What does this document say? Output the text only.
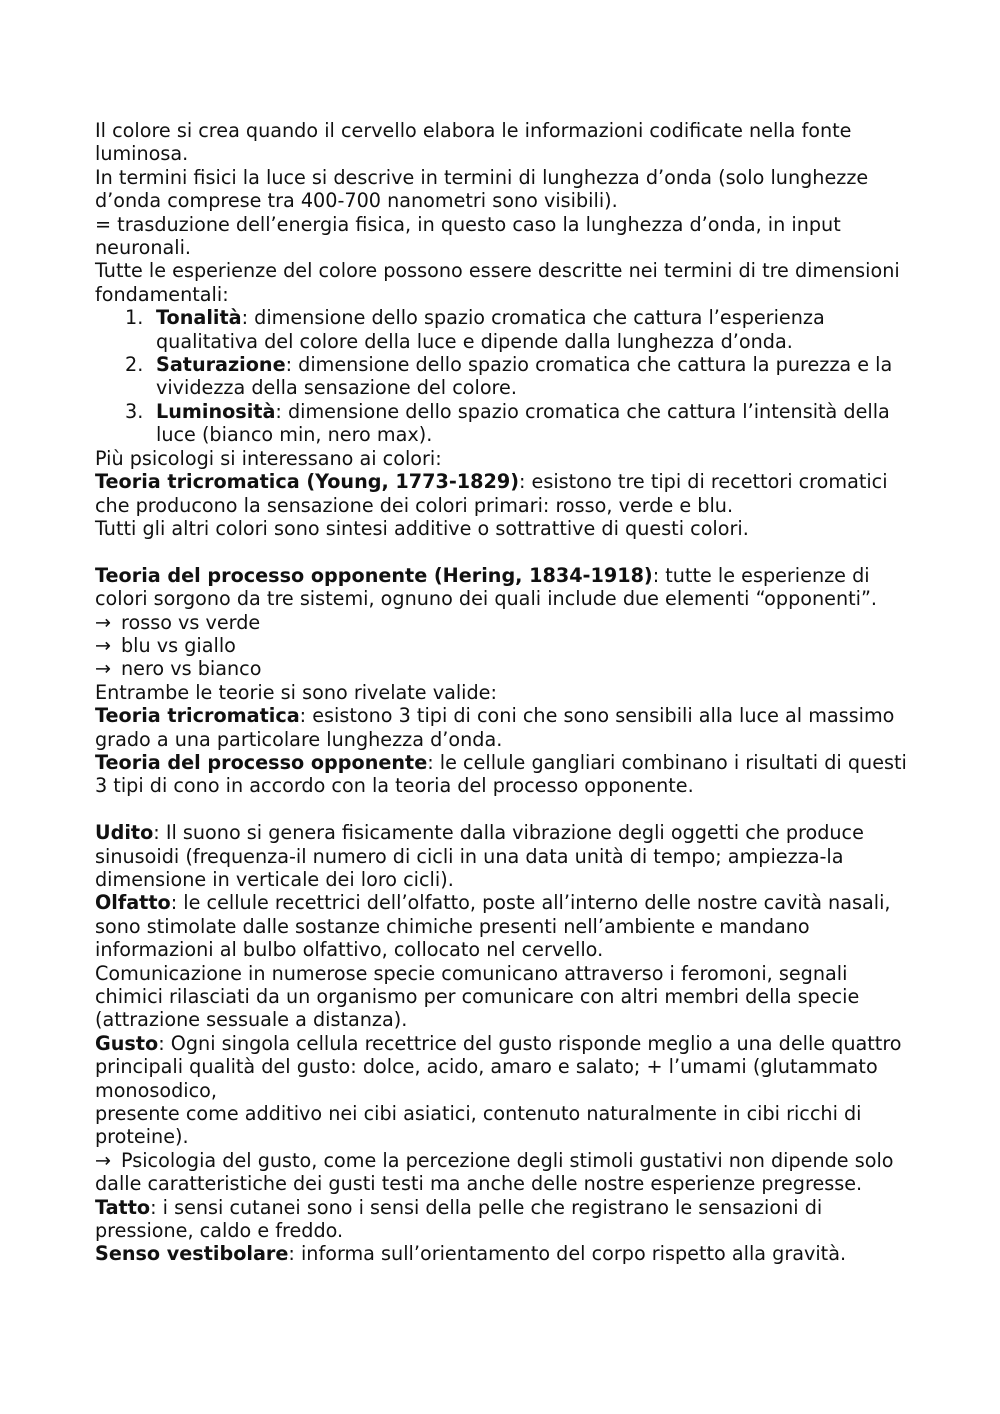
Il colore si crea quando il cervello elabora le informazioni codificate nella fonte luminosa.

In termini fisici la luce si descrive in termini di lunghezza d’onda (solo lunghezze d’onda comprese tra 400-700 nanometri sono visibili).

= trasduzione dell’energia fisica, in questo caso la lunghezza d’onda, in input neuronali.

Tutte le esperienze del colore possono essere descritte nei termini di tre dimensioni fondamentali:

1. Tonalità: dimensione dello spazio cromatica che cattura l’esperienza qualitativa del colore della luce e dipende dalla lunghezza d’onda.
2. Saturazione: dimensione dello spazio cromatica che cattura la purezza e la vividezza della sensazione del colore.
3. Luminosità: dimensione dello spazio cromatica che cattura l’intensità della luce (bianco min, nero max).

Più psicologi si interessano ai colori:

Teoria tricromatica (Young, 1773-1829): esistono tre tipi di recettori cromatici che producono la sensazione dei colori primari: rosso, verde e blu.

Tutti gli altri colori sono sintesi additive o sottrattive di questi colori.

Teoria del processo opponente (Hering, 1834-1918): tutte le esperienze di colori sorgono da tre sistemi, ognuno dei quali include due elementi “opponenti”.

→ rosso vs verde

→ blu vs giallo

→ nero vs bianco

Entrambe le teorie si sono rivelate valide:

Teoria tricromatica: esistono 3 tipi di coni che sono sensibili alla luce al massimo grado a una particolare lunghezza d’onda.

Teoria del processo opponente: le cellule gangliari combinano i risultati di questi 3 tipi di cono in accordo con la teoria del processo opponente.

Udito: Il suono si genera fisicamente dalla vibrazione degli oggetti che produce sinusoidi (frequenza-il numero di cicli in una data unità di tempo; ampiezza-la dimensione in verticale dei loro cicli).

Olfatto: le cellule recettrici dell’olfatto, poste all’interno delle nostre cavità nasali, sono stimolate dalle sostanze chimiche presenti nell’ambiente e mandano informazioni al bulbo olfattivo, collocato nel cervello.

Comunicazione in numerose specie comunicano attraverso i feromoni, segnali chimici rilasciati da un organismo per comunicare con altri membri della specie (attrazione sessuale a distanza).

Gusto: Ogni singola cellula recettrice del gusto risponde meglio a una delle quattro principali qualità del gusto: dolce, acido, amaro e salato; + l’umami (glutammato monosodico,

presente come additivo nei cibi asiatici, contenuto naturalmente in cibi ricchi di proteine).

→ Psicologia del gusto, come la percezione degli stimoli gustativi non dipende solo dalle caratteristiche dei gusti testi ma anche delle nostre esperienze pregresse.

Tatto: i sensi cutanei sono i sensi della pelle che registrano le sensazioni di pressione, caldo e freddo.

Senso vestibolare: informa sull’orientamento del corpo rispetto alla gravità.
